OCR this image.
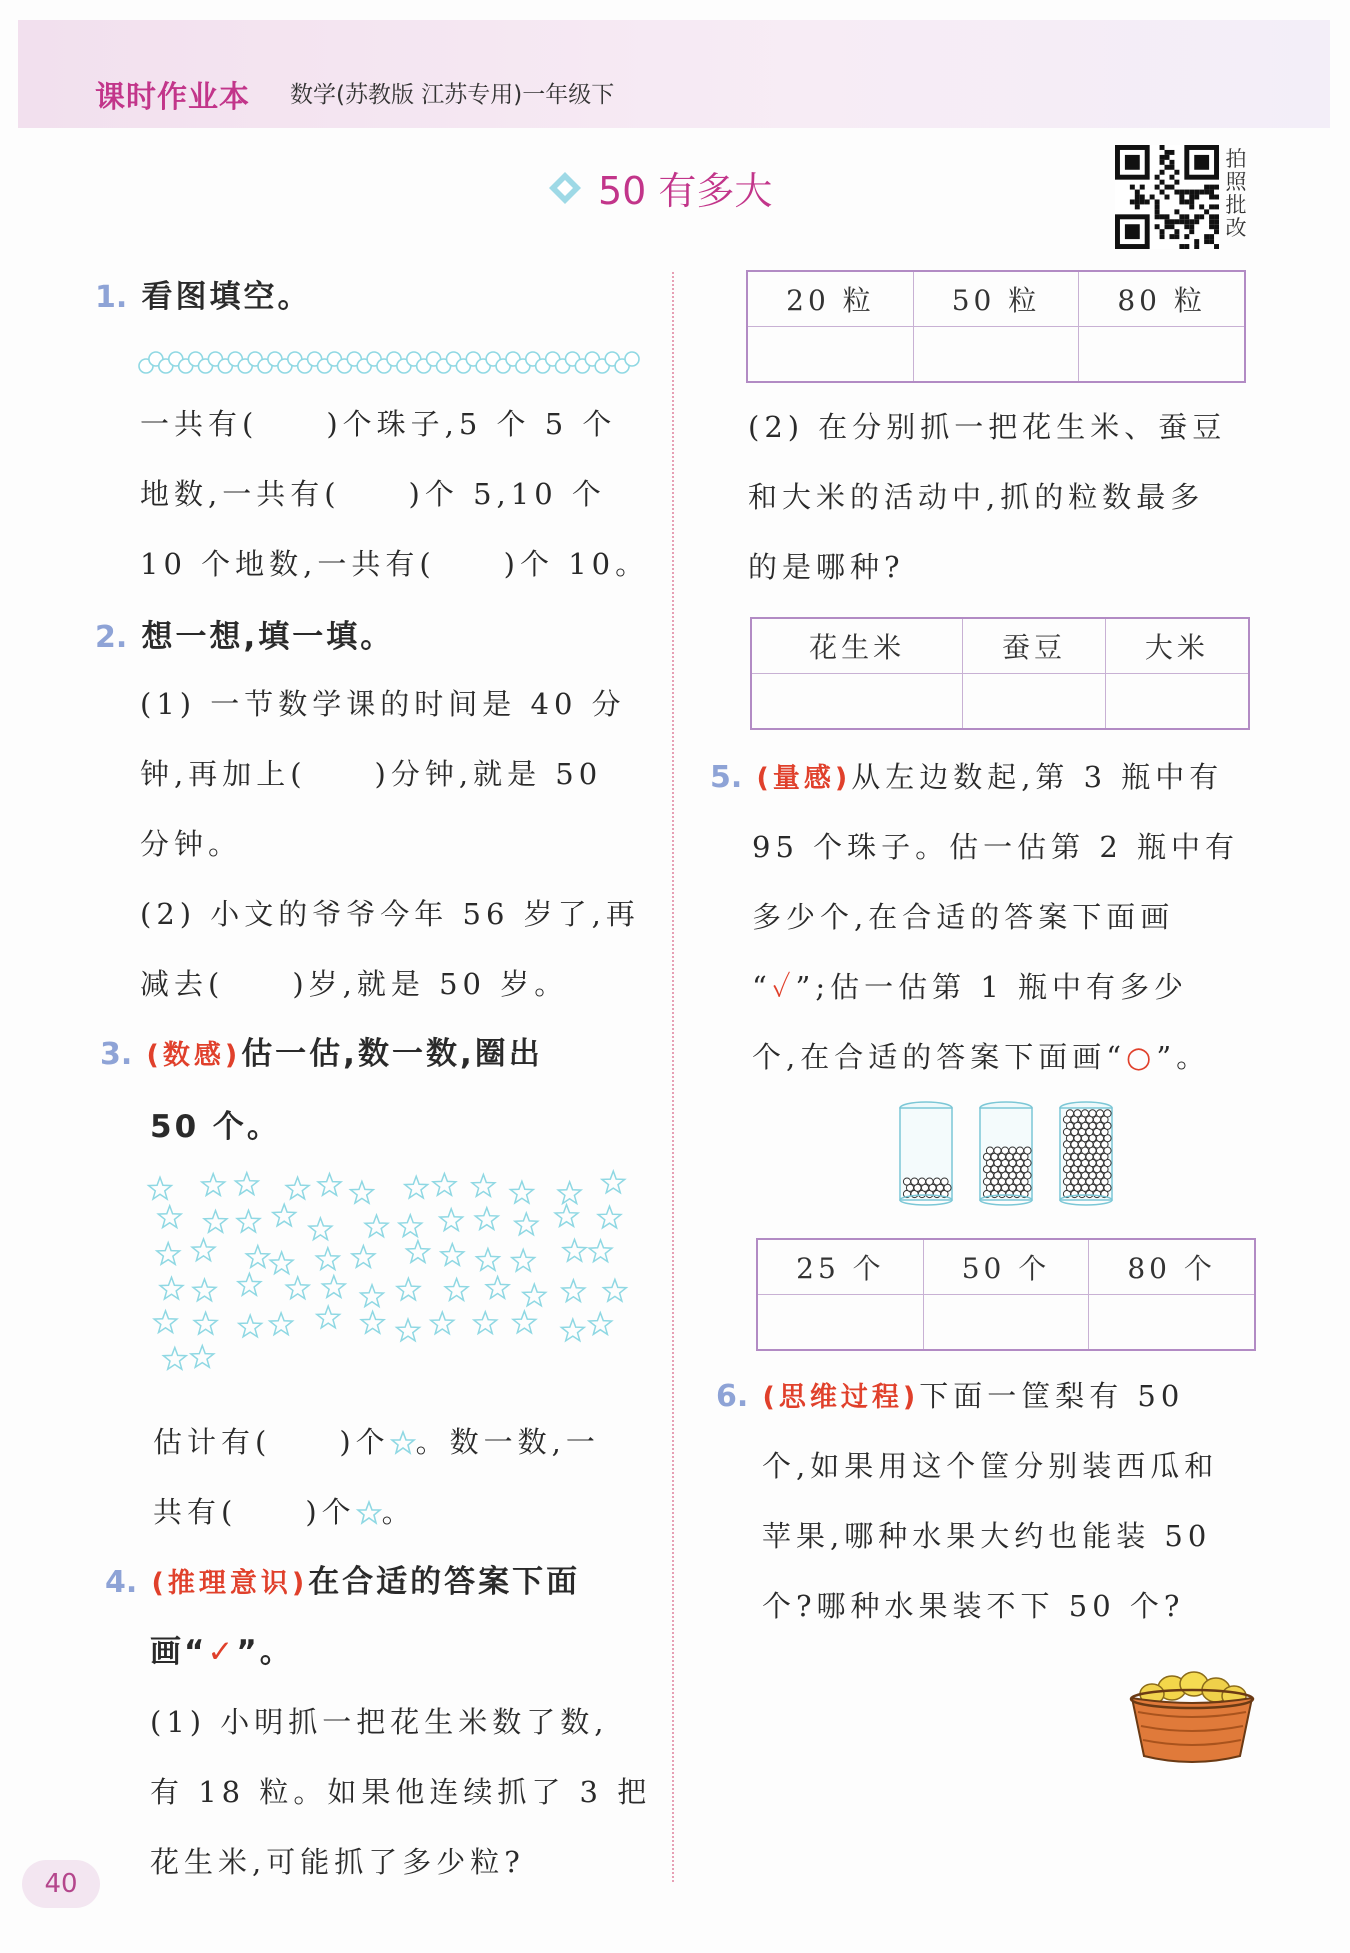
课时作业本 数学(苏教版 江苏专用)一年级下
50 有多大
拍
照
批
改
1. 看图填空。
一共有( )个珠子,5 个 5 个
地数,一共有( )个 5,10 个
10 个地数,一共有( )个 10。
2. 想一想,填一填。
(1) 一节数学课的时间是 40 分
钟,再加上( )分钟,就是 50
分钟。
(2) 小文的爷爷今年 56 岁了,再
减去( )岁,就是 50 岁。
3. (数感)估一估,数一数,圈出
50 个。
估计有( )个 。数一数,一
共有( )个 。
4. (推理意识)在合适的答案下面
画“✓”。
(1) 小明抓一把花生米数了数,
有 18 粒。如果他连续抓了 3 把
花生米,可能抓了多少粒?
20 粒	50 粒	80 粒

(2) 在分别抓一把花生米、蚕豆
和大米的活动中,抓的粒数最多
的是哪种?
花生米	蚕豆	大米

5. (量感)从左边数起,第 3 瓶中有
95 个珠子。估一估第 2 瓶中有
多少个,在合适的答案下面画
“✓”;估一估第 1 瓶中有多少
个,在合适的答案下面画“○”。
25 个	50 个	80 个

6. (思维过程)下面一筐梨有 50
个,如果用这个筐分别装西瓜和
苹果,哪种水果大约也能装 50
个?哪种水果装不下 50 个?
40
